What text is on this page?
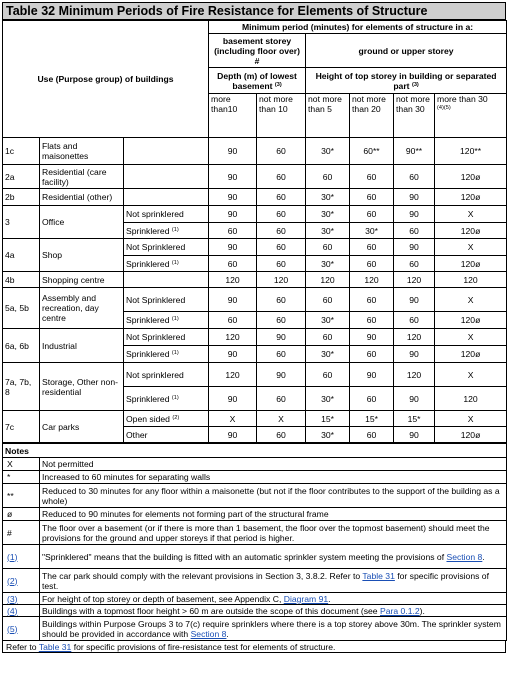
Table 32 Minimum Periods of Fire Resistance for Elements of Structure
Use (Purpose group) of buildings			Minimum period (minutes) for elements of structure in a:					
			basement storey (including floor over) #		ground or upper storey			
			Depth (m) of lowest basement $^{(3)}$		Height of top storey in building or separated part $^{(3)}$
			more than10	not more than 10	not more than 5	not more than 20	not more than 30	more than 30
(4)(5)

1c	Flats and maisonettes		90	60	30*	60**	90**	120**
2a	Residential (care facility)		90	60	60	60	60	120ø
2b	Residential (other)		90	60	30*	60	90	120ø
3	Office	Not sprinklered	90	60	30*	60	90	X
		Sprinklered $^{(1)}$	60	60	30*	30*	60	120ø
4a	Shop	Not Sprinklered	90	60	60	60	90	X
		Sprinklered $^{(1)}$	60	60	30*	60	60	120ø
4b	Shopping centre		120	120	120	120	120	120
5a, 5b	Assembly and recreation, day centre	Not Sprinklered	90	60	60	60	90	X
		Sprinklered $^{(1)}$	60	60	30*	60	60	120ø
6a, 6b	Industrial	Not Sprinklered	120	90	60	90	120	X
		Sprinklered $^{(1)}$	90	60	30*	60	90	120ø
7a, 7b, 8	Storage, Other non-residential	Not sprinklered	120	90	60	90	120	X
		Sprinklered $^{(1)}$	90	60	30*	60	90	120
7c	Car parks	Open sided $^{(2)}$	X	X	15*	15*	15*	X
		Other	90	60	30*	60	90	120ø
Notes	
X	Not permitted
*	Increased to 60 minutes for separating walls
**	Reduced to 30 minutes for any floor within a maisonette (but not if the floor contributes to the support of the building as a whole)
ø	Reduced to 90 minutes for elements not forming part of the structural frame
#	The floor over a basement (or if there is more than 1 basement, the floor over the topmost basement) should meet the provisions for the ground and upper storeys if that period is higher.
(1)	"Sprinklered" means that the building is fitted with an automatic sprinkler system meeting the provisions of Section 8.
(2)	The car park should comply with the relevant provisions in Section 3, 3.8.2. Refer to Table 31 for specific provisions of test.
(3)	For height of top storey or depth of basement, see Appendix C, Diagram 91.
(4)	Buildings with a topmost floor height > 60 m are outside the scope of this document (see Para 0.1.2).
(5)	Buildings within Purpose Groups 3 to 7(c) require sprinklers where there is a top storey above 30m. The sprinkler system should be provided in accordance with Section 8.
Refer to Table 31 for specific provisions of fire-resistance test for elements of structure.
